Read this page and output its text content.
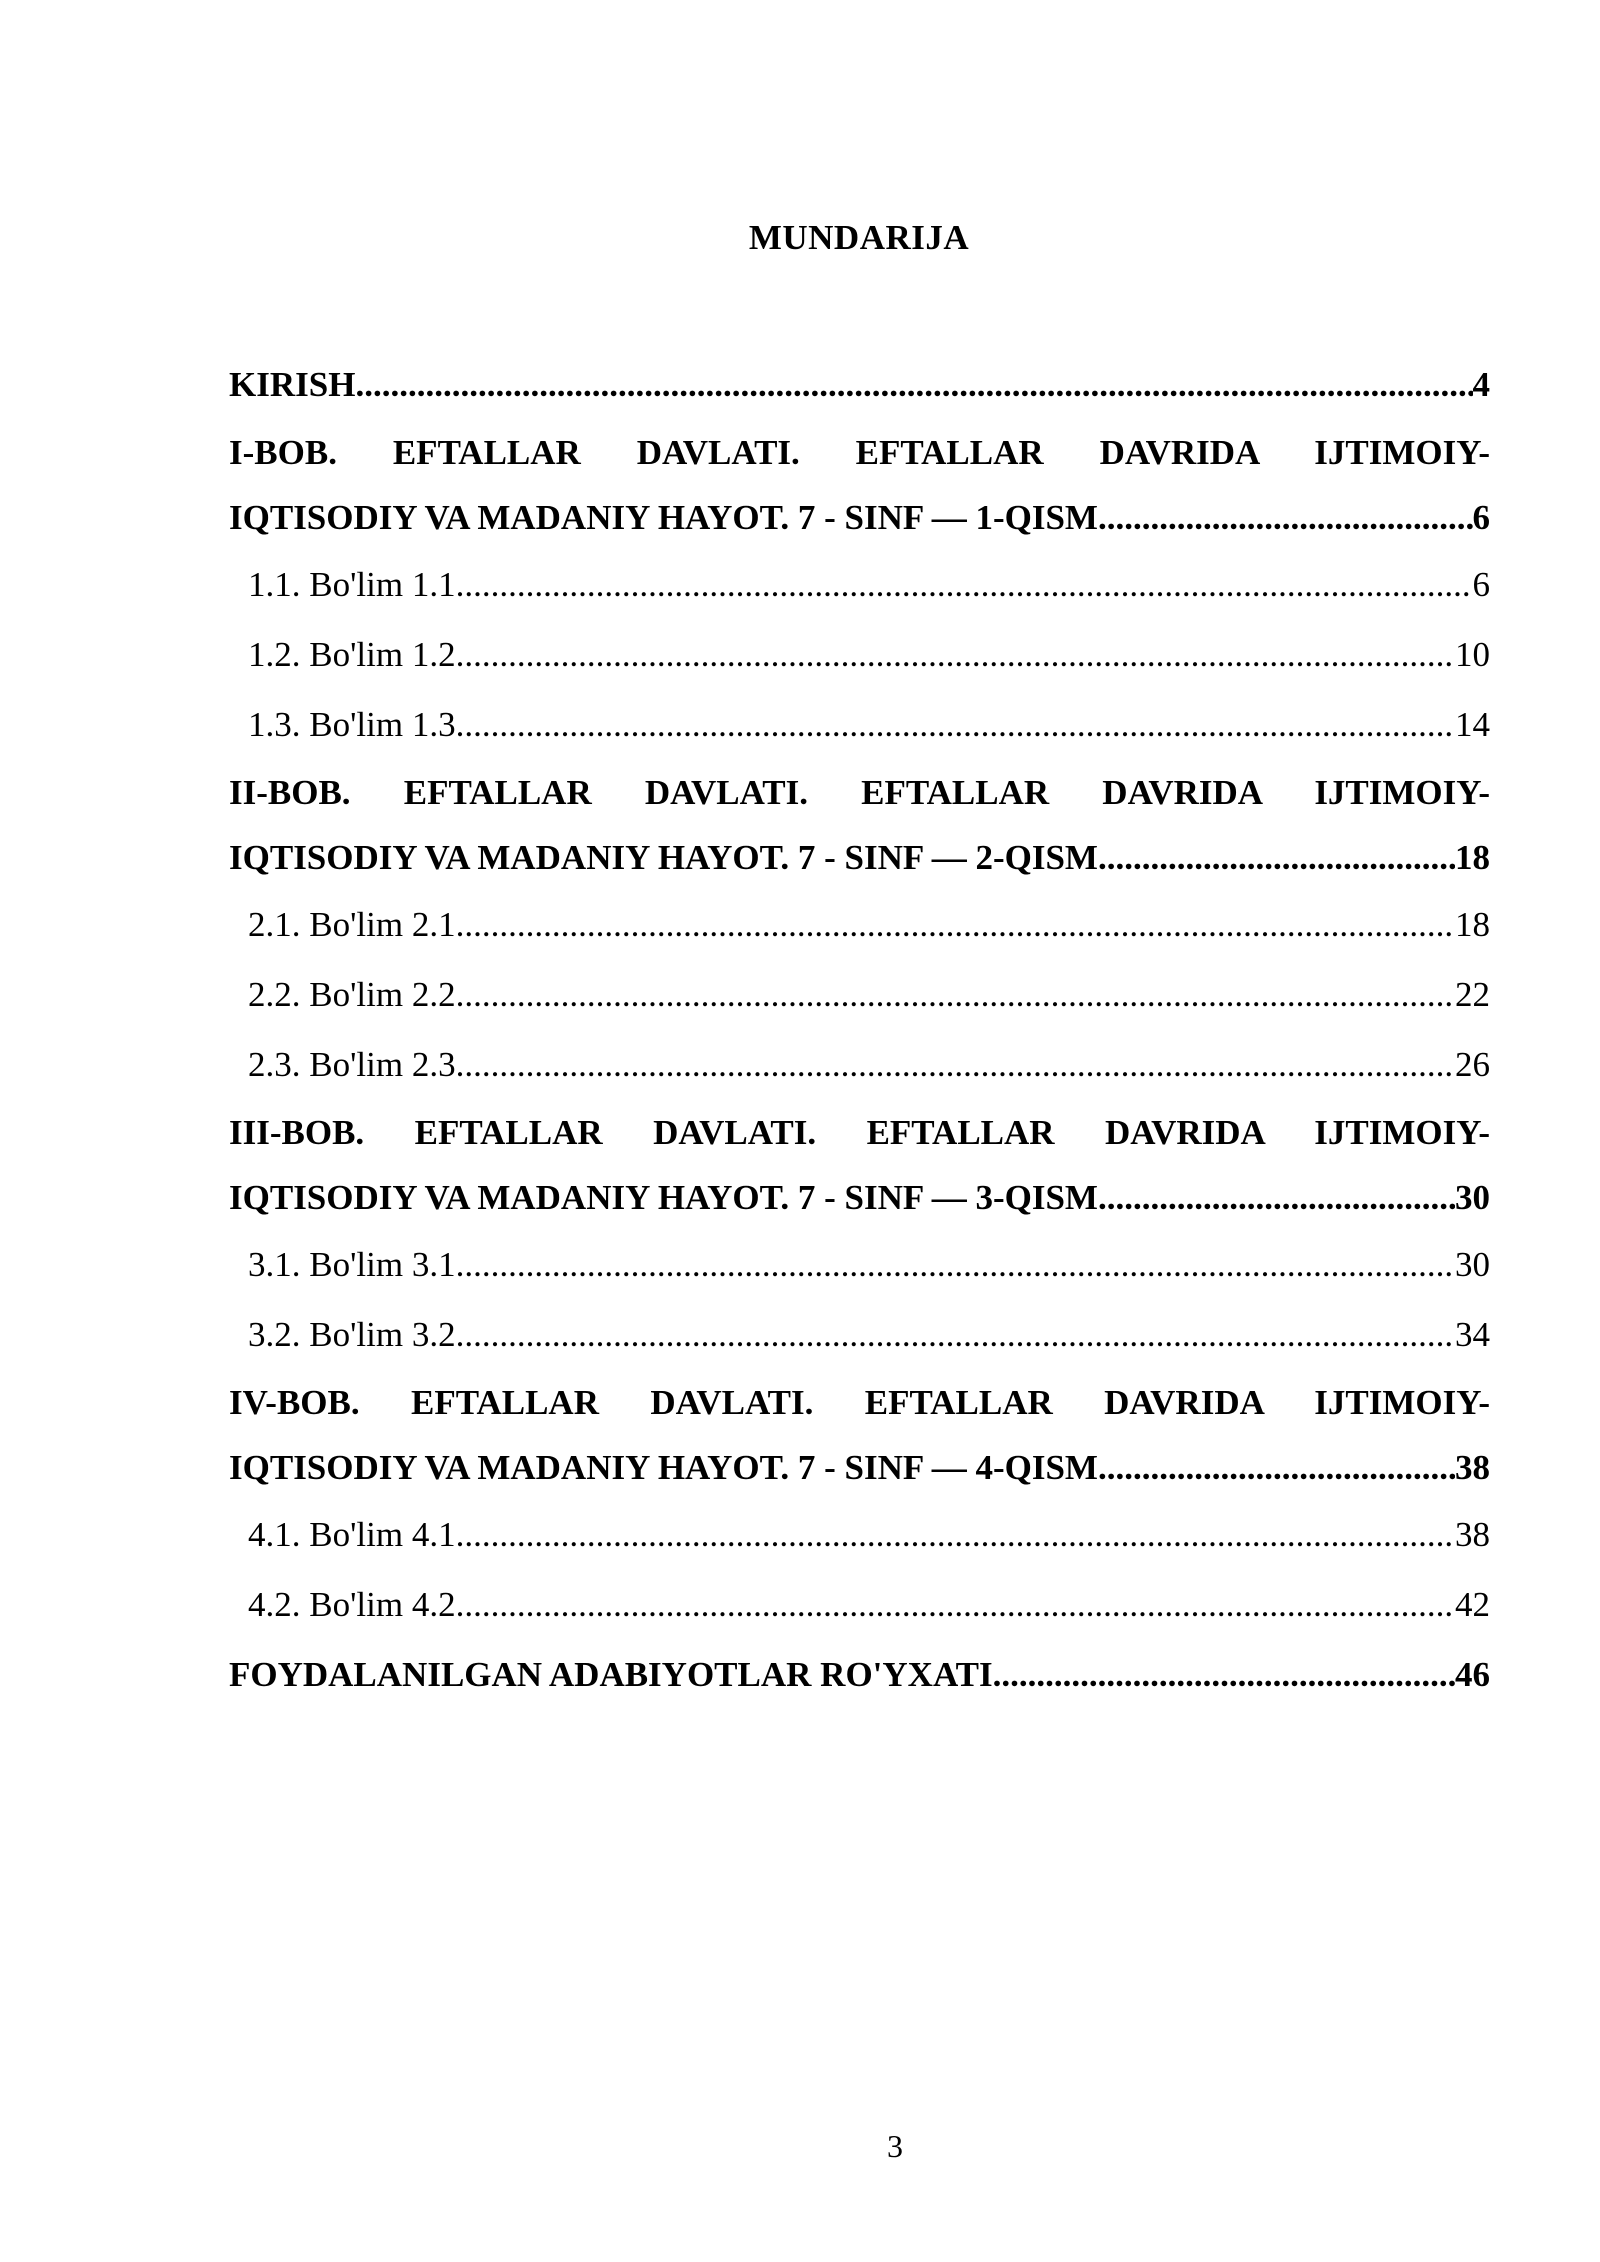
MUNDARIJA
KIRISH .....	4
I-BOB. EFTALLAR DAVLATI. EFTALLAR DAVRIDA IJTIMOIY-
IQTISODIY VA MADANIY HAYOT. 7 - SINF — 1-QISM .....	6
1.1. Bo'lim 1.1 .....	6
1.2. Bo'lim 1.2 .....	10
1.3. Bo'lim 1.3 .....	14
II-BOB. EFTALLAR DAVLATI. EFTALLAR DAVRIDA IJTIMOIY-
IQTISODIY VA MADANIY HAYOT. 7 - SINF — 2-QISM .....	18
2.1. Bo'lim 2.1 .....	18
2.2. Bo'lim 2.2 .....	22
2.3. Bo'lim 2.3 .....	26
III-BOB. EFTALLAR DAVLATI. EFTALLAR DAVRIDA IJTIMOIY-
IQTISODIY VA MADANIY HAYOT. 7 - SINF — 3-QISM .....	30
3.1. Bo'lim 3.1 .....	30
3.2. Bo'lim 3.2 .....	34
IV-BOB. EFTALLAR DAVLATI. EFTALLAR DAVRIDA IJTIMOIY-
IQTISODIY VA MADANIY HAYOT. 7 - SINF — 4-QISM .....	38
4.1. Bo'lim 4.1 .....	38
4.2. Bo'lim 4.2 .....	42
FOYDALANILGAN ADABIYOTLAR RO'YXATI .....	46
3
